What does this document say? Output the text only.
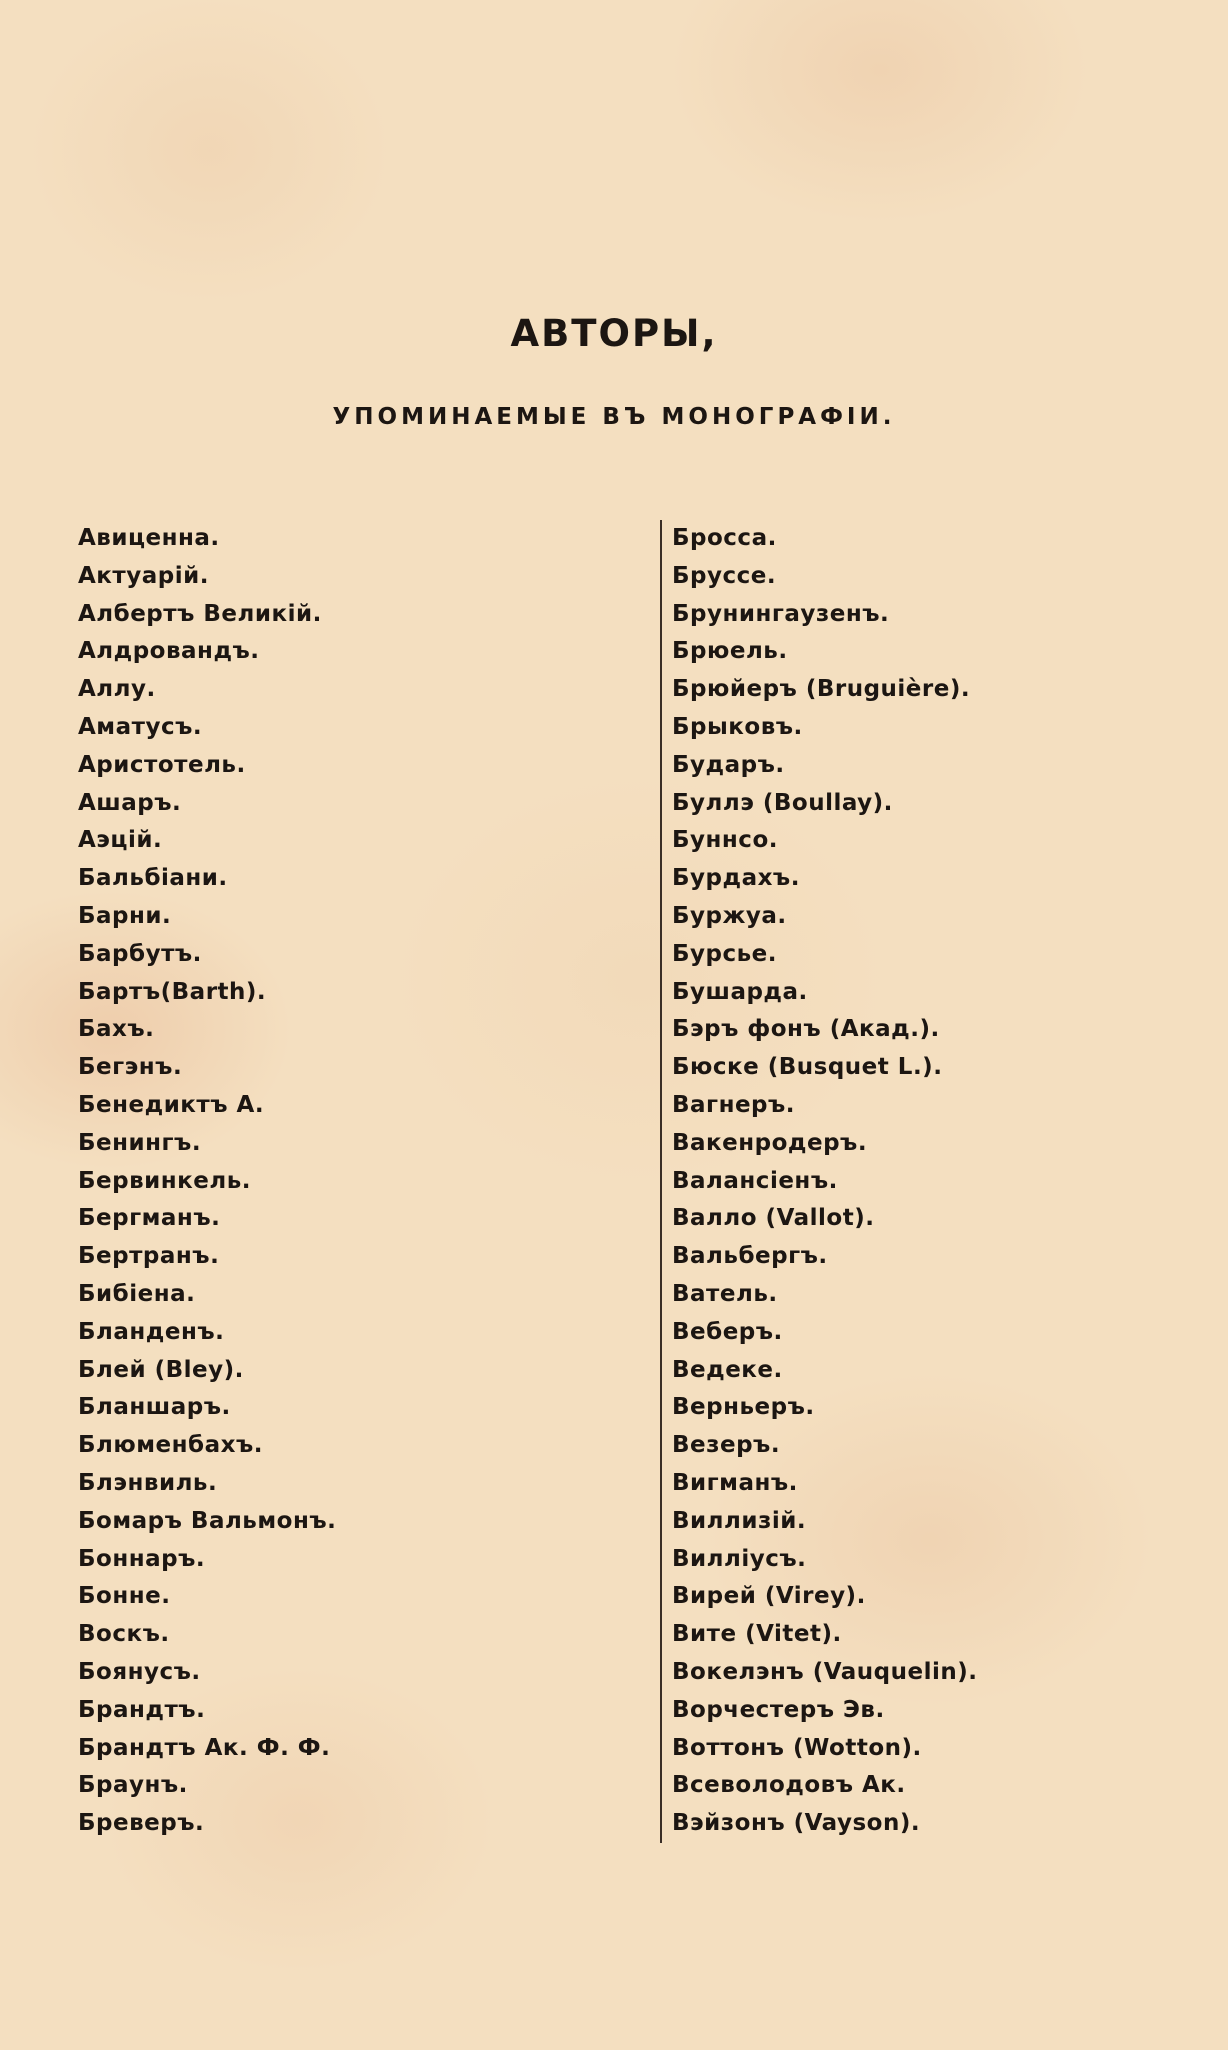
АВТОРЫ,
УПОМИНАЕМЫЕ ВЪ МОНОГРАФІИ.
Авиценна.
Актуарій.
Албертъ Великій.
Алдровандъ.
Аллу.
Аматусъ.
Аристотель.
Ашаръ.
Аэцій.
Бальбіани.
Барни.
Барбутъ.
Бартъ(Barth).
Бахъ.
Бегэнъ.
Бенедиктъ А.
Бенингъ.
Бервинкель.
Бергманъ.
Бертранъ.
Бибіена.
Бланденъ.
Блей (Bley).
Бланшаръ.
Блюменбахъ.
Блэнвиль.
Бомаръ Вальмонъ.
Боннаръ.
Бонне.
Boскъ.
Боянусъ.
Брандтъ.
Брандтъ Ак. Ф. Ф.
Браунъ.
Бреверъ.
Бросса.
Бруссе.
Брунингаузенъ.
Брюель.
Брюйеръ (Bruguière).
Брыковъ.
Бударъ.
Буллэ (Boullay).
Буннсо.
Бурдахъ.
Буржуа.
Бурсье.
Бушарда.
Бэръ фонъ (Акад.).
Бюске (Busquet L.).
Вагнеръ.
Вакенродеръ.
Валансіенъ.
Валло (Vallot).
Вальбергъ.
Ватель.
Веберъ.
Ведеке.
Верньеръ.
Везеръ.
Вигманъ.
Виллизій.
Вилліусъ.
Вирей (Virey).
Вите (Vitet).
Вокелэнъ (Vauquelin).
Ворчестеръ Эв.
Воттонъ (Wotton).
Всеволодовъ Ак.
Вэйзонъ (Vayson).
